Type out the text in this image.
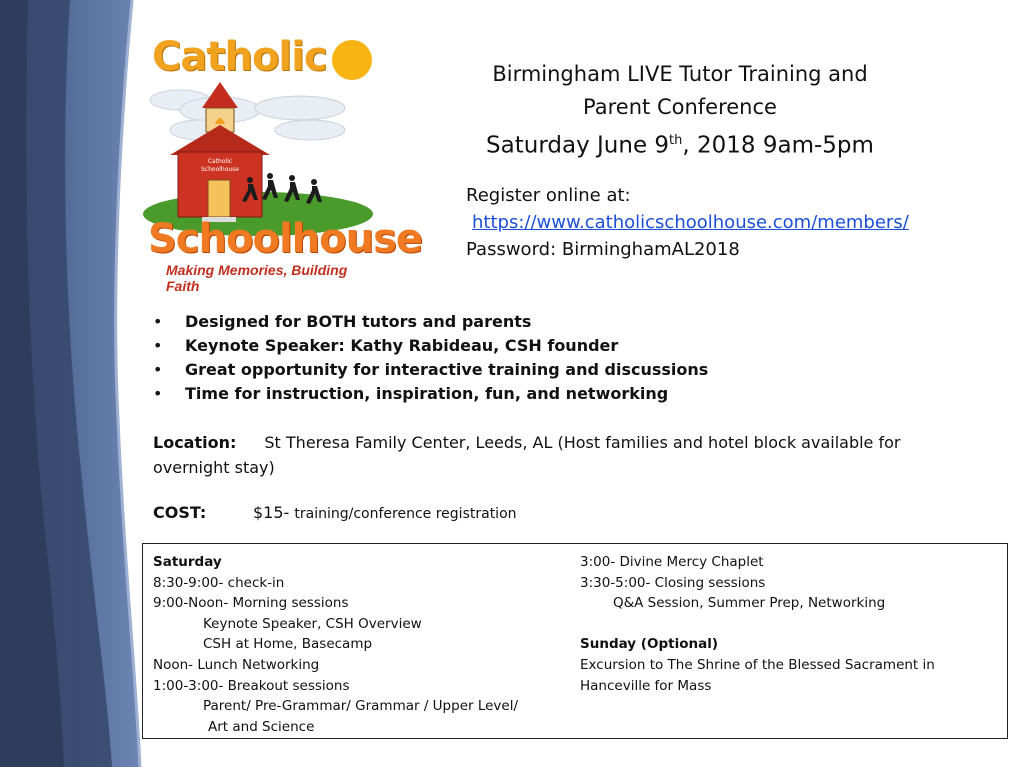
Catholic
Schoolhouse
Catholic
Schoolhouse
Making Memories, Building Faith
Birmingham LIVE Tutor Training and
Parent Conference
Saturday June 9th, 2018 9am-5pm
Register online at:
https://www.catholicschoolhouse.com/members/
Password: BirminghamAL2018
• Designed for BOTH tutors and parents
• Keynote Speaker: Kathy Rabideau, CSH founder
• Great opportunity for interactive training and discussions
• Time for instruction, inspiration, fun, and networking
Location: St Theresa Family Center, Leeds, AL (Host families and hotel block available for overnight stay)
COST:	$15- training/conference registration
Saturday
8:30-9:00- check-in
9:00-Noon- Morning sessions
Keynote Speaker, CSH Overview
CSH at Home, Basecamp
Noon- Lunch Networking
1:00-3:00- Breakout sessions
Parent/ Pre-Grammar/ Grammar / Upper Level/
Art and Science
3:00- Divine Mercy Chaplet
3:30-5:00- Closing sessions
Q&A Session, Summer Prep, Networking
Sunday (Optional)
Excursion to The Shrine of the Blessed Sacrament in
Hanceville for Mass
